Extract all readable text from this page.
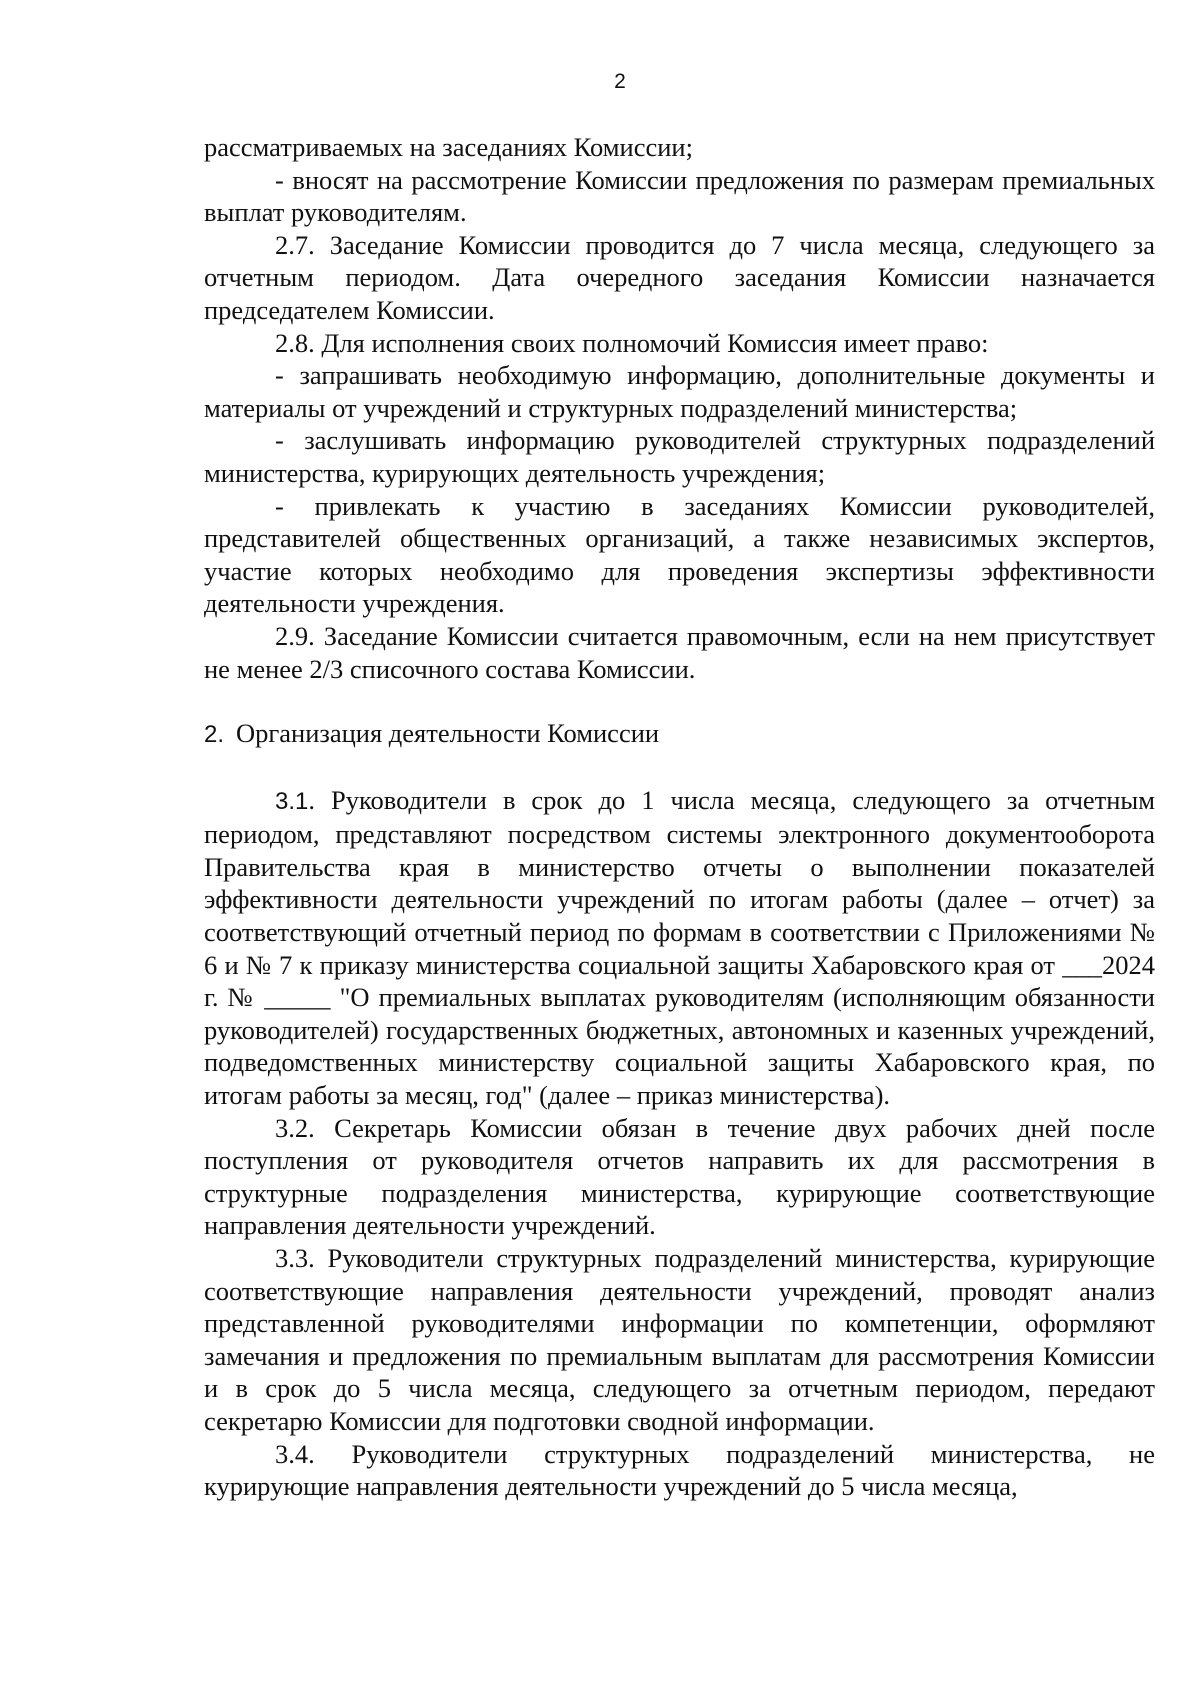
2

рассматриваемых на заседаниях Комиссии;

- вносят на рассмотрение Комиссии предложения по размерам премиальных выплат руководителям.

2.7. Заседание Комиссии проводится до 7 числа месяца, следующего за отчетным периодом. Дата очередного заседания Комиссии назначается председателем Комиссии.

2.8. Для исполнения своих полномочий Комиссия имеет право:

- запрашивать необходимую информацию, дополнительные документы и материалы от учреждений и структурных подразделений министерства;

- заслушивать информацию руководителей структурных подразделений министерства, курирующих деятельность учреждения;

- привлекать к участию в заседаниях Комиссии руководителей, представителей общественных организаций, а также независимых экспертов, участие которых необходимо для проведения экспертизы эффективности деятельности учреждения.

2.9. Заседание Комиссии считается правомочным, если на нем присутствует не менее 2/3 списочного состава Комиссии.

2. Организация деятельности Комиссии

3.1. Руководители в срок до 1 числа месяца, следующего за отчетным периодом, представляют посредством системы электронного документооборота Правительства края в министерство отчеты о выполнении показателей эффективности деятельности учреждений по итогам работы (далее – отчет) за соответствующий отчетный период по формам в соответствии с Приложениями № 6 и № 7 к приказу министерства социальной защиты Хабаровского края от ___2024 г. № _____ "О премиальных выплатах руководителям (исполняющим обязанности руководителей) государственных бюджетных, автономных и казенных учреждений, подведомственных министерству социальной защиты Хабаровского края, по итогам работы за месяц, год" (далее – приказ министерства).

3.2. Секретарь Комиссии обязан в течение двух рабочих дней после поступления от руководителя отчетов направить их для рассмотрения в структурные подразделения министерства, курирующие соответствующие направления деятельности учреждений.

3.3. Руководители структурных подразделений министерства, курирующие соответствующие направления деятельности учреждений, проводят анализ представленной руководителями информации по компетенции, оформляют замечания и предложения по премиальным выплатам для рассмотрения Комиссии и в срок до 5 числа месяца, следующего за отчетным периодом, передают секретарю Комиссии для подготовки сводной информации.

3.4. Руководители структурных подразделений министерства, не курирующие направления деятельности учреждений до 5 числа месяца,
